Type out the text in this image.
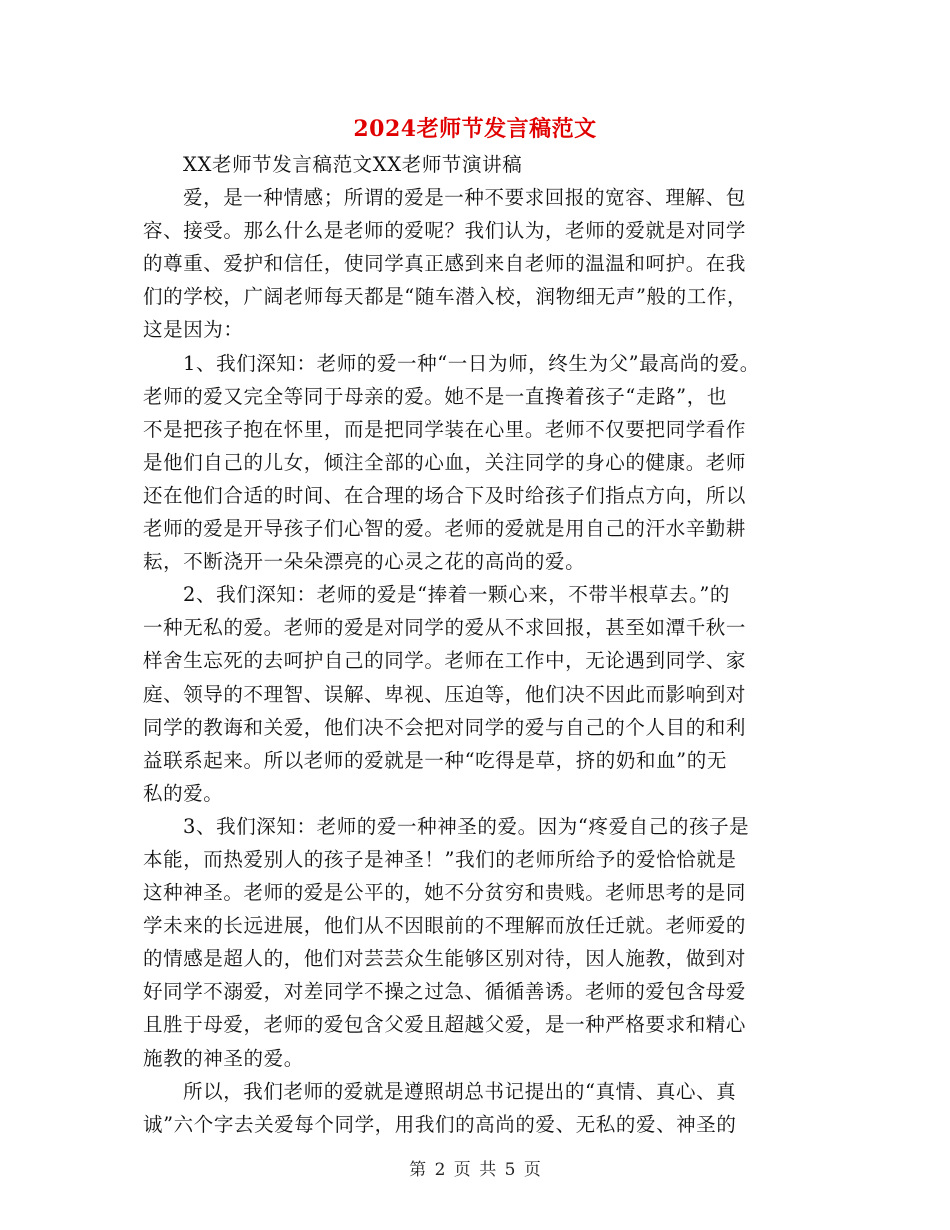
2024老师节发言稿范文
XX老师节发言稿范文XX老师节演讲稿
爱，是一种情感；所谓的爱是一种不要求回报的宽容、理解、包
容、接受。那么什么是老师的爱呢？我们认为，老师的爱就是对同学
的尊重、爱护和信任，使同学真正感到来自老师的温温和呵护。在我
们的学校，广阔老师每天都是“随车潜入校，润物细无声”般的工作，
这是因为：
1、我们深知：老师的爱一种“一日为师，终生为父”最高尚的爱。
老师的爱又完全等同于母亲的爱。她不是一直搀着孩子“走路”，也
不是把孩子抱在怀里，而是把同学装在心里。老师不仅要把同学看作
是他们自己的儿女，倾注全部的心血，关注同学的身心的健康。老师
还在他们合适的时间、在合理的场合下及时给孩子们指点方向，所以
老师的爱是开导孩子们心智的爱。老师的爱就是用自己的汗水辛勤耕
耘，不断浇开一朵朵漂亮的心灵之花的高尚的爱。
2、我们深知：老师的爱是“捧着一颗心来，不带半根草去。”的
一种无私的爱。老师的爱是对同学的爱从不求回报，甚至如潭千秋一
样舍生忘死的去呵护自己的同学。老师在工作中，无论遇到同学、家
庭、领导的不理智、误解、卑视、压迫等，他们决不因此而影响到对
同学的教诲和关爱，他们决不会把对同学的爱与自己的个人目的和利
益联系起来。所以老师的爱就是一种“吃得是草，挤的奶和血”的无
私的爱。
3、我们深知：老师的爱一种神圣的爱。因为“疼爱自己的孩子是
本能，而热爱别人的孩子是神圣！”我们的老师所给予的爱恰恰就是
这种神圣。老师的爱是公平的，她不分贫穷和贵贱。老师思考的是同
学未来的长远进展，他们从不因眼前的不理解而放任迁就。老师爱的
的情感是超人的，他们对芸芸众生能够区别对待，因人施教，做到对
好同学不溺爱，对差同学不操之过急、循循善诱。老师的爱包含母爱
且胜于母爱，老师的爱包含父爱且超越父爱，是一种严格要求和精心
施教的神圣的爱。
所以，我们老师的爱就是遵照胡总书记提出的“真情、真心、真
诚”六个字去关爱每个同学，用我们的高尚的爱、无私的爱、神圣的
第 2 页 共 5 页
